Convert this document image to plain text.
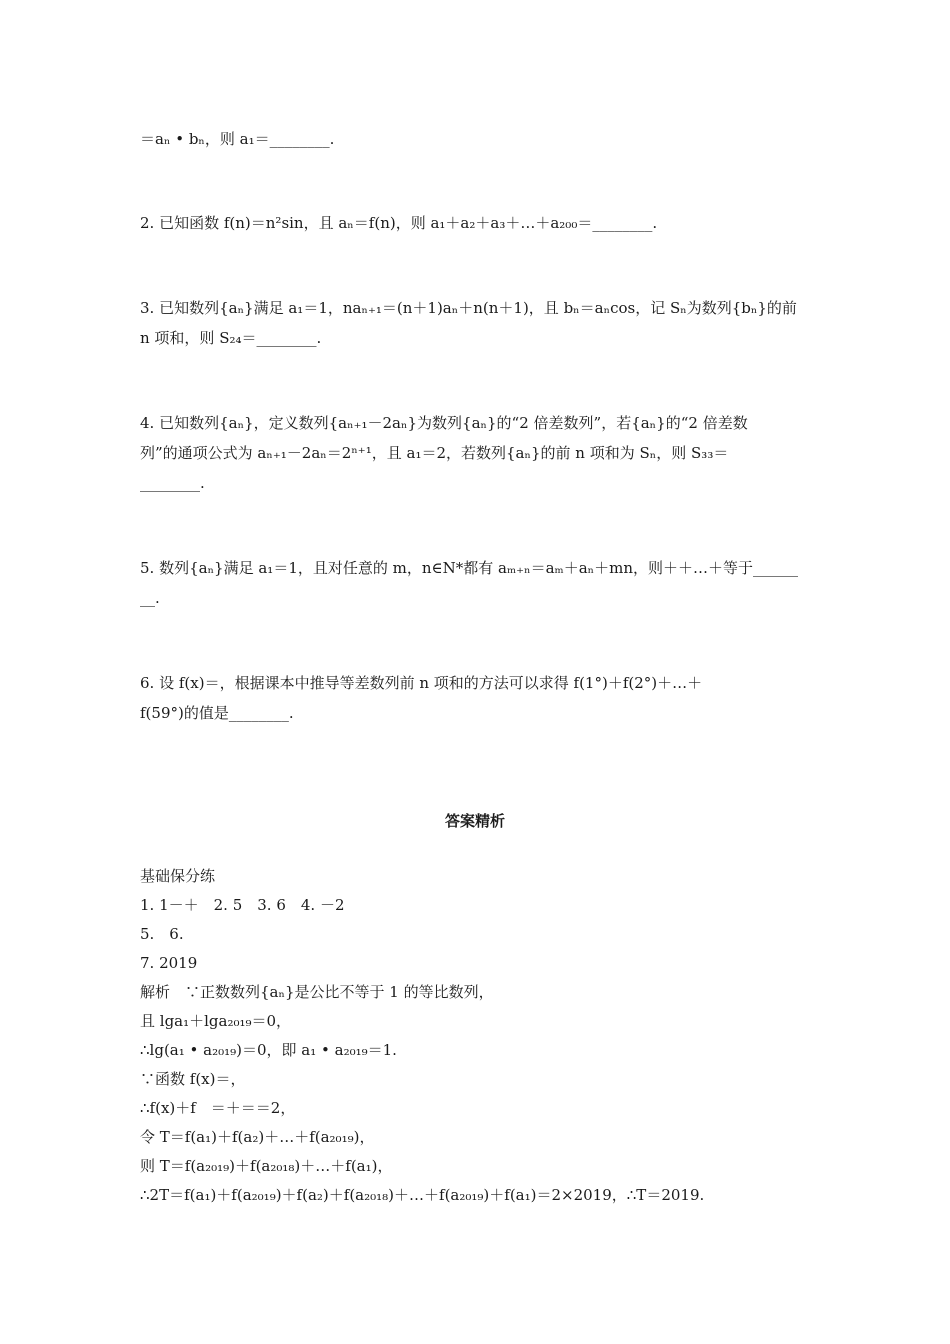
＝aₙ • bₙ，则 a₁＝________.
2. 已知函数 f(n)＝n²sin，且 aₙ＝f(n)，则 a₁＋a₂＋a₃＋…＋a₂₀₀＝________.
3. 已知数列{aₙ}满足 a₁＝1，naₙ₊₁＝(n＋1)aₙ＋n(n＋1)，且 bₙ＝aₙcos，记 Sₙ为数列{bₙ}的前
n 项和，则 S₂₄＝________.
4. 已知数列{aₙ}，定义数列{aₙ₊₁－2aₙ}为数列{aₙ}的“2 倍差数列”，若{aₙ}的“2 倍差数
列”的通项公式为 aₙ₊₁－2aₙ＝2ⁿ⁺¹，且 a₁＝2，若数列{aₙ}的前 n 项和为 Sₙ，则 S₃₃＝
________.
5. 数列{aₙ}满足 a₁＝1，且对任意的 m，n∈N*都有 aₘ₊ₙ＝aₘ＋aₙ＋mn，则＋＋…＋等于______
__.
6. 设 f(x)＝，根据课本中推导等差数列前 n 项和的方法可以求得 f(1°)＋f(2°)＋…＋
f(59°)的值是________.
答案精析
基础保分练
1. 1－＋　2. 5　3. 6　4. －2
5.　6.
7. 2019
解析　∵正数数列{aₙ}是公比不等于 1 的等比数列，
且 lga₁＋lga₂₀₁₉＝0，
∴lg(a₁ • a₂₀₁₉)＝0，即 a₁ • a₂₀₁₉＝1.
∵函数 f(x)＝，
∴f(x)＋f　＝＋＝＝2，
令 T＝f(a₁)＋f(a₂)＋…＋f(a₂₀₁₉)，
则 T＝f(a₂₀₁₉)＋f(a₂₀₁₈)＋…＋f(a₁)，
∴2T＝f(a₁)＋f(a₂₀₁₉)＋f(a₂)＋f(a₂₀₁₈)＋…＋f(a₂₀₁₉)＋f(a₁)＝2×2019，∴T＝2019.
